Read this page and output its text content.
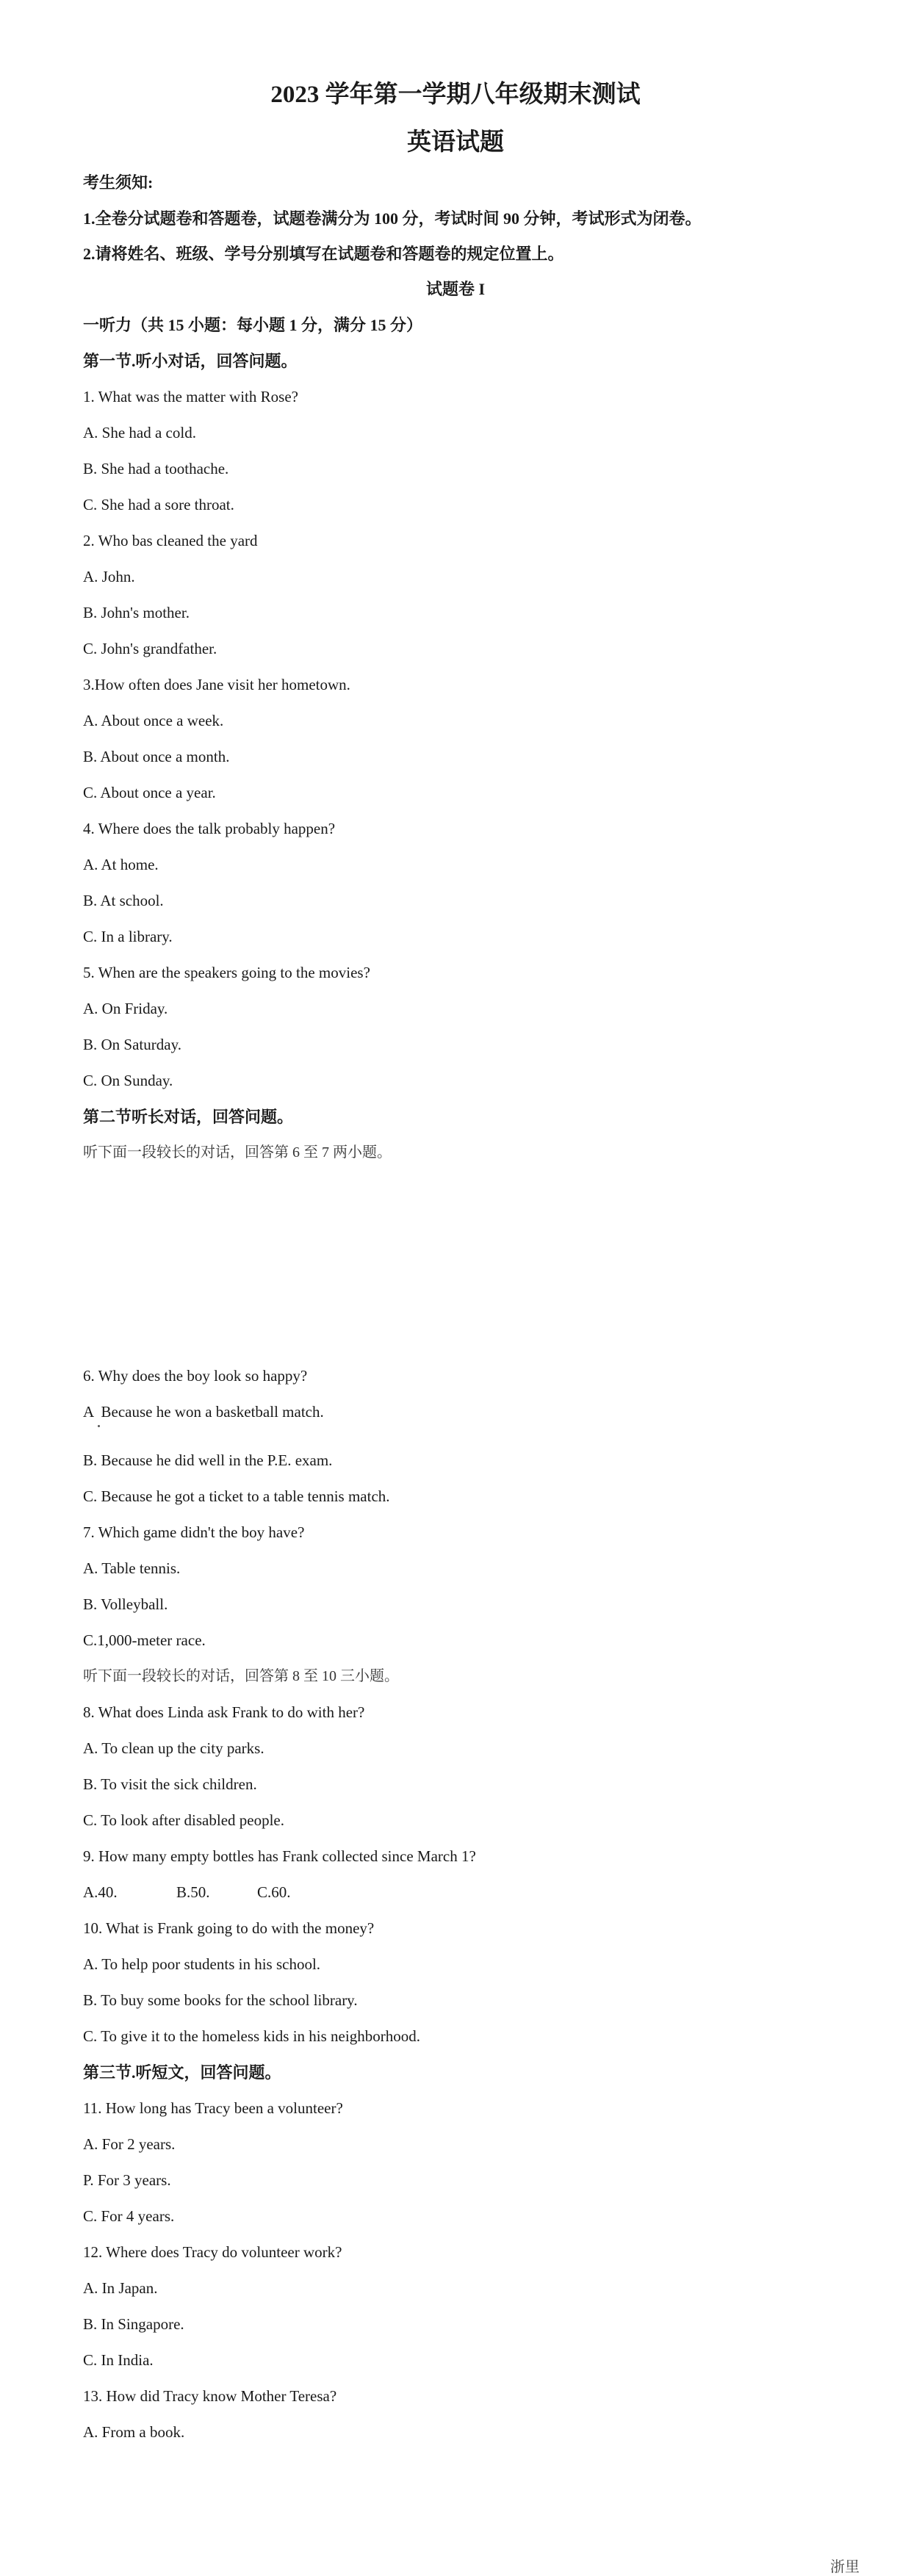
2023 学年第一学期八年级期末测试
英语试题
考生须知:
1.全卷分试题卷和答题卷，试题卷满分为 100 分，考试时间 90 分钟，考试形式为闭卷。
2.请将姓名、班级、学号分别填写在试题卷和答题卷的规定位置上。
试题卷 I
一听力（共 15 小题：每小题 1 分，满分 15 分）
第一节.听小对话，回答问题。
1. What was the matter with Rose?
A. She had a cold.
B. She had a toothache.
C. She had a sore throat.
2. Who bas cleaned the yard
A. John.
B. John's mother.
C. John's grandfather.
3.How often does Jane visit her hometown.
A. About once a week.
B. About once a month.
C. About once a year.
4. Where does the talk probably happen?
A. At home.
B. At school.
C. In a library.
5. When are the speakers going to the movies?
A. On Friday.
B. On Saturday.
C. On Sunday.
第二节听长对话，回答问题。
听下面一段较长的对话，回答第 6 至 7 两小题。
6. Why does the boy look so happy?
A  Because he won a basketball match.
B. Because he did well in the P.E. exam.
C. Because he got a ticket to a table tennis match.
7. Which game didn't the boy have?
A. Table tennis.
B. Volleyball.
C.1,000-meter race.
听下面一段较长的对话，回答第 8 至 10 三小题。
8. What does Linda ask Frank to do with her?
A. To clean up the city parks.
B. To visit the sick children.
C. To look after disabled people.
9. How many empty bottles has Frank collected since March 1?
A.40.	B.50.	C.60.
10. What is Frank going to do with the money?
A. To help poor students in his school.
B. To buy some books for the school library.
C. To give it to the homeless kids in his neighborhood.
第三节.听短文，回答问题。
11. How long has Tracy been a volunteer?
A. For 2 years.
P. For 3 years.
C. For 4 years.
12. Where does Tracy do volunteer work?
A. In Japan.
B. In Singapore.
C. In India.
13. How did Tracy know Mother Teresa?
A. From a book.
浙里
